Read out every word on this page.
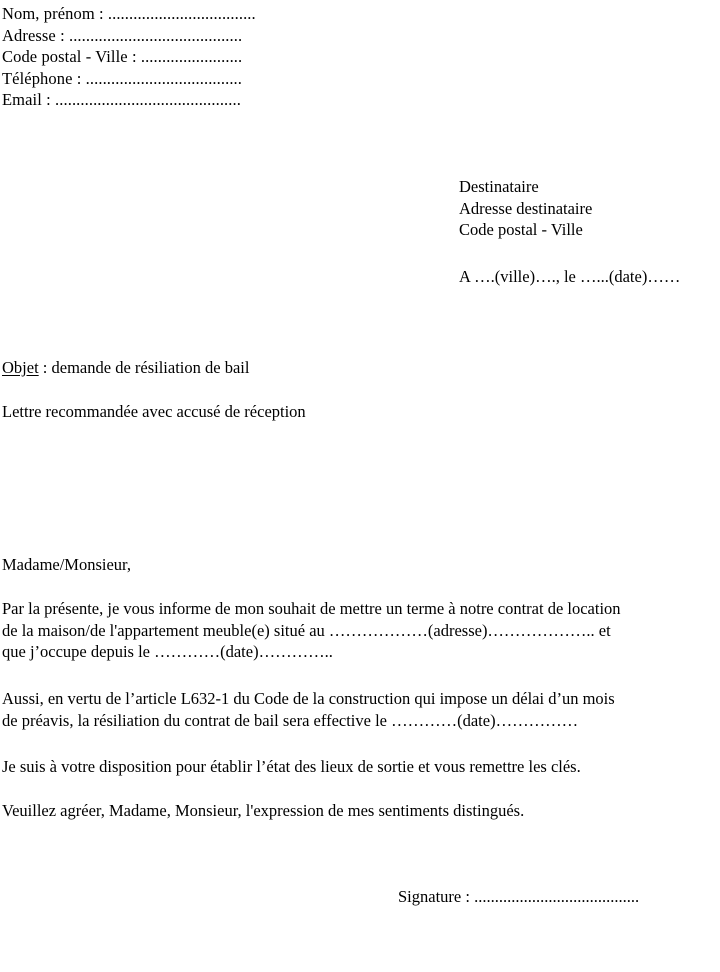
Nom, prénom : ...................................
Adresse : .........................................
Code postal - Ville : ........................
Téléphone : .....................................
Email : ............................................
Destinataire
Adresse destinataire
Code postal - Ville
A ….(ville)…., le …...(date)……
Objet : demande de résiliation de bail
Lettre recommandée avec accusé de réception
Madame/Monsieur,
Par la présente, je vous informe de mon souhait de mettre un terme à notre contrat de location
de la maison/de l'appartement meuble(e) situé au ………………(adresse)……………….. et
que j’occupe depuis le …………(date)…………..
Aussi, en vertu de l’article L632-1 du Code de la construction qui impose un délai d’un mois
de préavis, la résiliation du contrat de bail sera effective le …………(date)……………
Je suis à votre disposition pour établir l’état des lieux de sortie et vous remettre les clés.
Veuillez agréer, Madame, Monsieur, l'expression de mes sentiments distingués.
Signature : ........................................
